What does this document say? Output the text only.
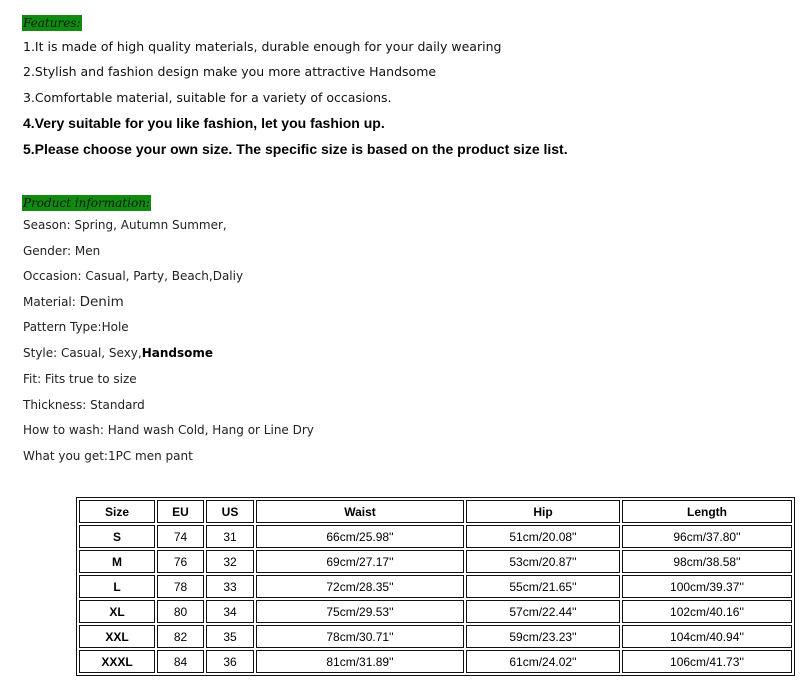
Features:
1.It is made of high quality materials, durable enough for your daily wearing
2.Stylish and fashion design make you more attractive Handsome
3.Comfortable material, suitable for a variety of occasions.
4.Very suitable for you like fashion, let you fashion up.
5.Please choose your own size. The specific size is based on the product size list.
Product information:
Season: Spring, Autumn Summer,
Gender: Men
Occasion: Casual, Party, Beach,Daliy
Material: Denim
Pattern Type:Hole
Style: Casual, Sexy,Handsome
Fit: Fits true to size
Thickness: Standard
How to wash: Hand wash Cold, Hang or Line Dry
What you get:1PC men pant
Size	EU	US	Waist	Hip	Length
S	74	31	66cm/25.98''	51cm/20.08''	96cm/37.80''
M	76	32	69cm/27.17''	53cm/20.87''	98cm/38.58''
L	78	33	72cm/28.35''	55cm/21.65''	100cm/39.37''
XL	80	34	75cm/29.53''	57cm/22.44''	102cm/40.16''
XXL	82	35	78cm/30.71''	59cm/23.23''	104cm/40.94''
XXXL	84	36	81cm/31.89''	61cm/24.02''	106cm/41.73''
